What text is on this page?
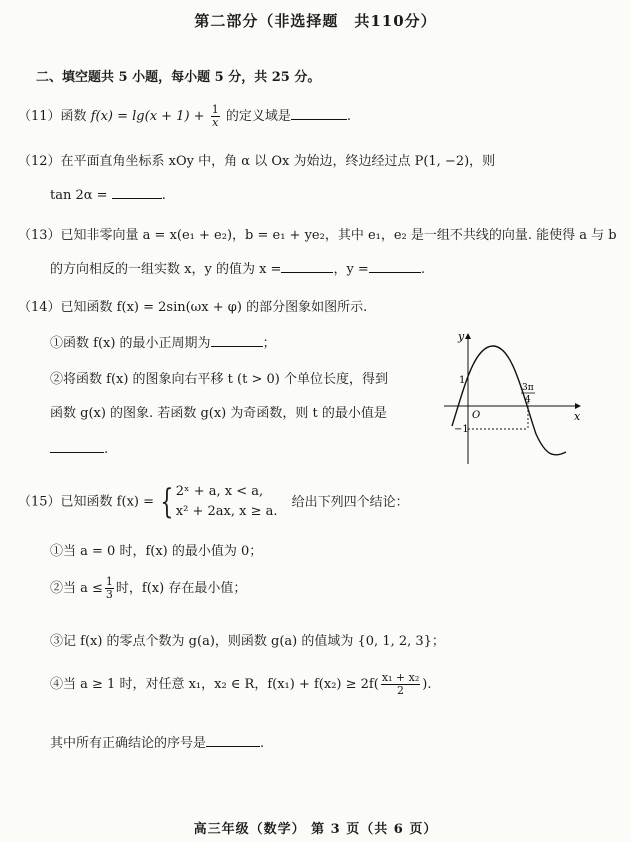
第二部分（非选择题　共110分）
二、填空题共 5 小题，每小题 5 分，共 25 分。
（11）函数 $f(x) = \lg(x + 1) + \frac{1}{x}$ 的定义域是	.
（12）在平面直角坐标系 xOy 中，角 α 以 Ox 为始边，终边经过点 P(1, −2)，则
tan 2α =	.
（13）已知非零向量 a = x(e₁ + e₂)，b = e₁ + ye₂，其中 e₁，e₂ 是一组不共线的向量. 能使得 a 与 b
的方向相反的一组实数 x，y 的值为 x =	，y =	.
（14）已知函数 f(x) = 2sin(ωx + φ) 的部分图象如图所示.
①函数 f(x) 的最小正周期为	；
②将函数 f(x) 的图象向右平移 t (t > 0) 个单位长度，得到
函数 g(x) 的图象. 若函数 g(x) 为奇函数，则 t 的最小值是
.
y
x
O
1
−1
3π
4
（15）已知函数 f(x) = { 2ˣ + a, x < a,
x² + 2ax, x ≥ a.
给出下列四个结论：
①当 a = 0 时，f(x) 的最小值为 0；
②当 $a \le \frac{1}{3}$ 时，f(x) 存在最小值；
③记 f(x) 的零点个数为 g(a)，则函数 g(a) 的值域为 {0, 1, 2, 3}；
④当 a ≥ 1 时，对任意 x₁，x₂ ∈ R，$f(x_1) + f(x_2) \ge 2f( \frac{\text{x₁ + x₂}}{2}$ ).
其中所有正确结论的序号是	.
高三年级（数学） 第 3 页（共 6 页）
